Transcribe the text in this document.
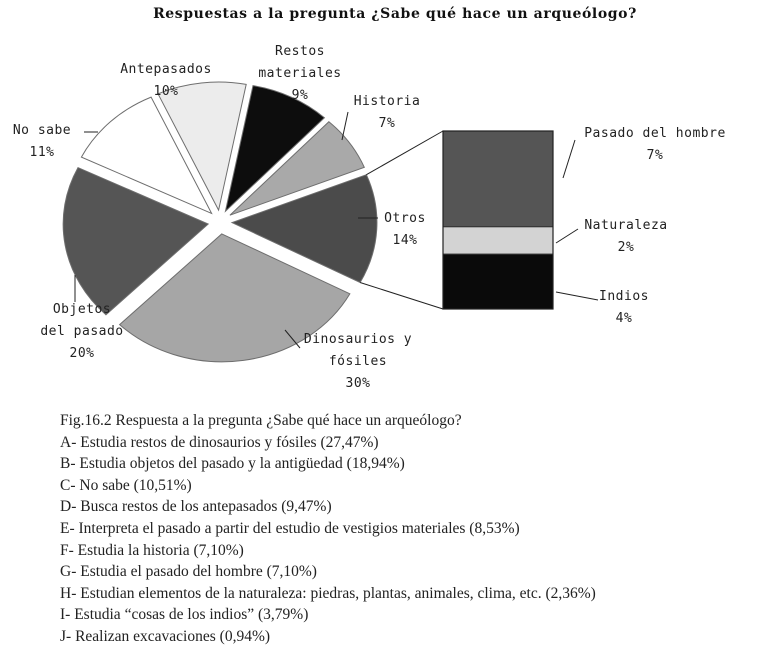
Respuestas a la pregunta ¿Sabe qué hace un arqueólogo?
Otros 14%
Dinosaurios y fósiles 30%
Objetos del pasado 20%
No sabe 11%
Antepasados 10%
Restos materiales 9%	Historia 7%
Pasado del hombre 7%
Naturaleza 2%
Indios 4%
Fig.16.2 Respuesta a la pregunta ¿Sabe qué hace un arqueólogo?
A- Estudia restos de dinosaurios y fósiles (27,47%)
B- Estudia objetos del pasado y la antigüedad (18,94%)
C- No sabe (10,51%)
D- Busca restos de los antepasados (9,47%)
E- Interpreta el pasado a partir del estudio de vestigios materiales (8,53%)
F- Estudia la historia (7,10%)
G- Estudia el pasado del hombre (7,10%)
H- Estudian elementos de la naturaleza: piedras, plantas, animales, clima, etc. (2,36%)
I- Estudia “cosas de los indios” (3,79%)
J- Realizan excavaciones (0,94%)
